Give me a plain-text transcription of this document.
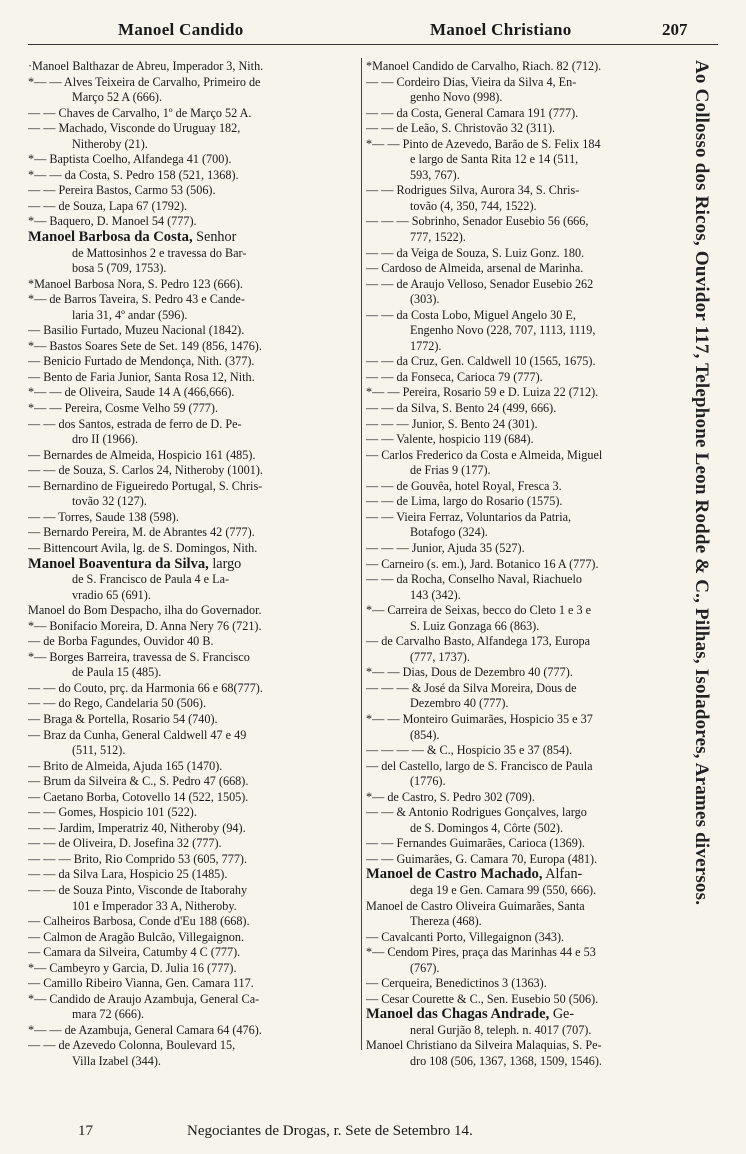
Manoel Candido	Manoel Christiano	207
·Manoel Balthazar de Abreu, Imperador 3, Nith.
*— — Alves Teixeira de Carvalho, Primeiro de
Março 52 A (666).
— — Chaves de Carvalho, 1º de Março 52 A.
— — Machado, Visconde do Uruguay 182,
Nitheroby (21).
*— Baptista Coelho, Alfandega 41 (700).
*— — da Costa, S. Pedro 158 (521, 1368).
— — Pereira Bastos, Carmo 53 (506).
— — de Souza, Lapa 67 (1792).
*— Baquero, D. Manoel 54 (777).
Manoel Barbosa da Costa, Senhor
de Mattosinhos 2 e travessa do Bar-
bosa 5 (709, 1753).
*Manoel Barbosa Nora, S. Pedro 123 (666).
*— de Barros Taveira, S. Pedro 43 e Cande-
laria 31, 4º andar (596).
— Basilio Furtado, Muzeu Nacional (1842).
*— Bastos Soares Sete de Set. 149 (856, 1476).
— Benicio Furtado de Mendonça, Nith. (377).
— Bento de Faria Junior, Santa Rosa 12, Nith.
*— — de Oliveira, Saude 14 A (466,666).
*— — Pereira, Cosme Velho 59 (777).
— — dos Santos, estrada de ferro de D. Pe-
dro II (1966).
— Bernardes de Almeida, Hospicio 161 (485).
— — de Souza, S. Carlos 24, Nitheroby (1001).
— Bernardino de Figueiredo Portugal, S. Chris-
tovão 32 (127).
— — Torres, Saude 138 (598).
— Bernardo Pereira, M. de Abrantes 42 (777).
— Bittencourt Avila, lg. de S. Domingos, Nith.
Manoel Boaventura da Silva, largo
de S. Francisco de Paula 4 e La-
vradio 65 (691).
Manoel do Bom Despacho, ilha do Governador.
*— Bonifacio Moreira, D. Anna Nery 76 (721).
— de Borba Fagundes, Ouvidor 40 B.
*— Borges Barreira, travessa de S. Francisco
de Paula 15 (485).
— — do Couto, prç. da Harmonia 66 e 68(777).
— — do Rego, Candelaria 50 (506).
— Braga & Portella, Rosario 54 (740).
— Braz da Cunha, General Caldwell 47 e 49
(511, 512).
— Brito de Almeida, Ajuda 165 (1470).
— Brum da Silveira & C., S. Pedro 47 (668).
— Caetano Borba, Cotovello 14 (522, 1505).
— — Gomes, Hospicio 101 (522).
— — Jardim, Imperatriz 40, Nitheroby (94).
— — de Oliveira, D. Josefina 32 (777).
— — — Brito, Rio Comprido 53 (605, 777).
— — da Silva Lara, Hospicio 25 (1485).
— — de Souza Pinto, Visconde de Itaborahy
101 e Imperador 33 A, Nitheroby.
— Calheiros Barbosa, Conde d'Eu 188 (668).
— Calmon de Aragão Bulcão, Villegaignon.
— Camara da Silveira, Catumby 4 C (777).
*— Cambeyro y Garcia, D. Julia 16 (777).
— Camillo Ribeiro Vianna, Gen. Camara 117.
*— Candido de Araujo Azambuja, General Ca-
mara 72 (666).
*— — de Azambuja, General Camara 64 (476).
— — de Azevedo Colonna, Boulevard 15,
Villa Izabel (344).
*Manoel Candido de Carvalho, Riach. 82 (712).
— — Cordeiro Dias, Vieira da Silva 4, En-
genho Novo (998).
— — da Costa, General Camara 191 (777).
— — de Leão, S. Christovão 32 (311).
*— — Pinto de Azevedo, Barão de S. Felix 184
e largo de Santa Rita 12 e 14 (511,
593, 767).
— — Rodrigues Silva, Aurora 34, S. Chris-
tovão (4, 350, 744, 1522).
— — — Sobrinho, Senador Eusebio 56 (666,
777, 1522).
— — da Veiga de Souza, S. Luiz Gonz. 180.
— Cardoso de Almeida, arsenal de Marinha.
— — de Araujo Velloso, Senador Eusebio 262
(303).
— — da Costa Lobo, Miguel Angelo 30 E,
Engenho Novo (228, 707, 1113, 1119,
1772).
— — da Cruz, Gen. Caldwell 10 (1565, 1675).
— — da Fonseca, Carioca 79 (777).
*— — Pereira, Rosario 59 e D. Luiza 22 (712).
— — da Silva, S. Bento 24 (499, 666).
— — — Junior, S. Bento 24 (301).
— — Valente, hospicio 119 (684).
— Carlos Frederico da Costa e Almeida, Miguel
de Frias 9 (177).
— — de Gouvêa, hotel Royal, Fresca 3.
— — de Lima, largo do Rosario (1575).
— — Vieira Ferraz, Voluntarios da Patria,
Botafogo (324).
— — — Junior, Ajuda 35 (527).
— Carneiro (s. em.), Jard. Botanico 16 A (777).
— — da Rocha, Conselho Naval, Riachuelo
143 (342).
*— Carreira de Seixas, becco do Cleto 1 e 3 e
S. Luiz Gonzaga 66 (863).
— de Carvalho Basto, Alfandega 173, Europa
(777, 1737).
*— — Dias, Dous de Dezembro 40 (777).
— — — & José da Silva Moreira, Dous de
Dezembro 40 (777).
*— — Monteiro Guimarães, Hospicio 35 e 37
(854).
— — — — & C., Hospicio 35 e 37 (854).
— del Castello, largo de S. Francisco de Paula
(1776).
*— de Castro, S. Pedro 302 (709).
— — & Antonio Rodrigues Gonçalves, largo
de S. Domingos 4, Côrte (502).
— — Fernandes Guimarães, Carioca (1369).
— — Guimarães, G. Camara 70, Europa (481).
Manoel de Castro Machado, Alfan-
dega 19 e Gen. Camara 99 (550, 666).
Manoel de Castro Oliveira Guimarães, Santa
Thereza (468).
— Cavalcanti Porto, Villegaignon (343).
*— Cendom Pires, praça das Marinhas 44 e 53
(767).
— Cerqueira, Benedictinos 3 (1363).
— Cesar Courette & C., Sen. Eusebio 50 (506).
Manoel das Chagas Andrade, Ge-
neral Gurjão 8, teleph. n. 4017 (707).
Manoel Christiano da Silveira Malaquias, S. Pe-
dro 108 (506, 1367, 1368, 1509, 1546).
Ao Collosso dos Ricos, Ouvidor 117, Telephone Leon Rodde & C., Pilhas, Isoladores, Arames diversos.
17	Negociantes de Drogas, r. Sete de Setembro 14.
